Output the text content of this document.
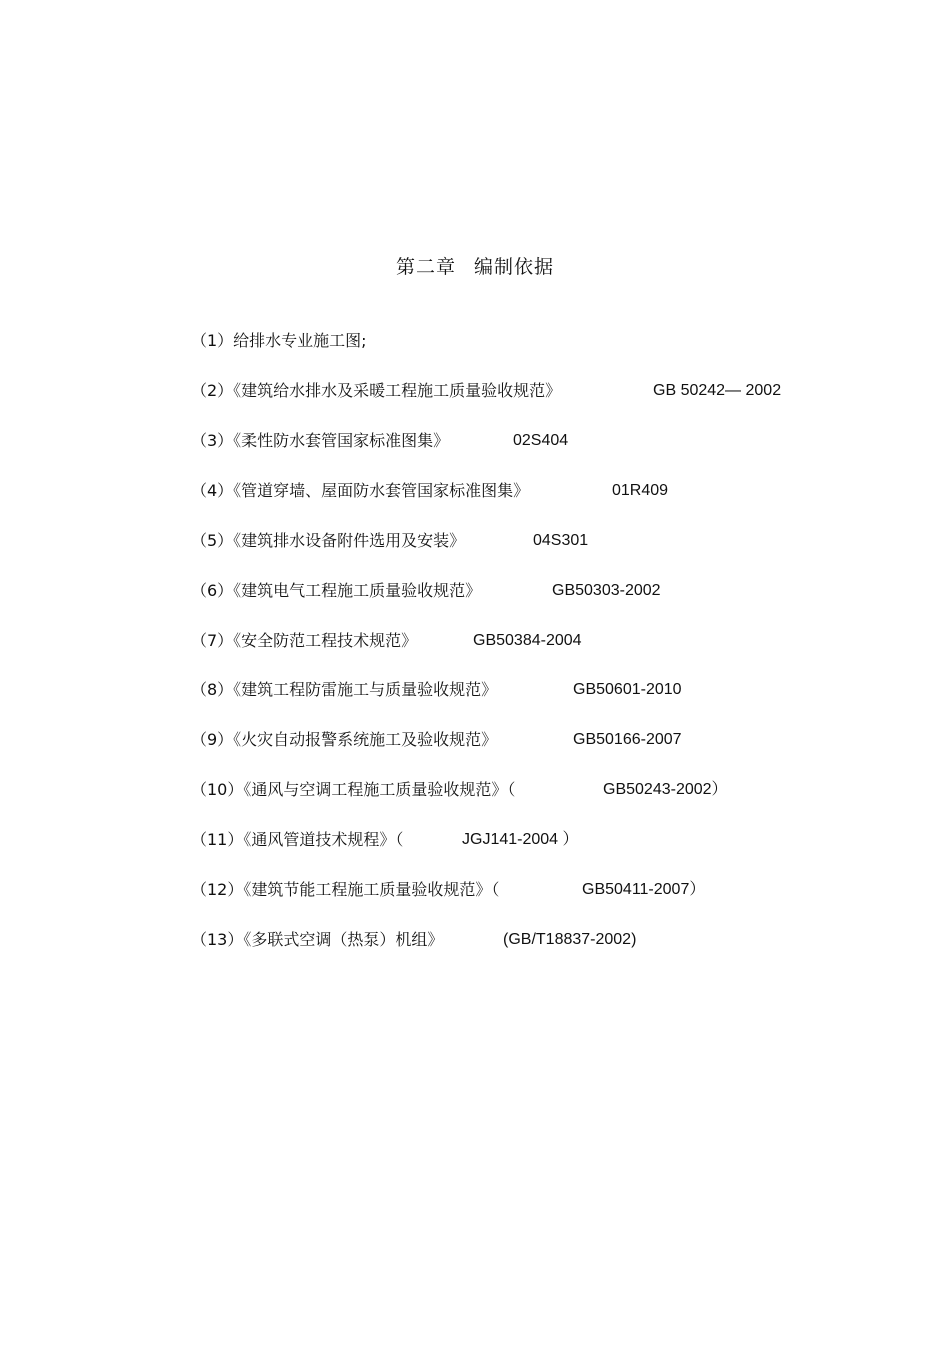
第二章 编制依据
（1）给排水专业施工图;
（2）《建筑给水排水及采暖工程施工质量验收规范》	GB 50242— 2002
（3）《柔性防水套管国家标准图集》	02S404
（4）《管道穿墙、屋面防水套管国家标准图集》	01R409
（5）《建筑排水设备附件选用及安装》	04S301
（6）《建筑电气工程施工质量验收规范》	GB50303-2002
（7）《安全防范工程技术规范》	GB50384-2004
（8）《建筑工程防雷施工与质量验收规范》	GB50601-2010
（9）《火灾自动报警系统施工及验收规范》	GB50166-2007
（10）《通风与空调工程施工质量验收规范》（	GB50243-2002）
（11）《通风管道技术规程》（	JGJ141-2004 ）
（12）《建筑节能工程施工质量验收规范》（	GB50411-2007）
（13）《多联式空调（热泵）机组》	(GB/T18837-2002)
